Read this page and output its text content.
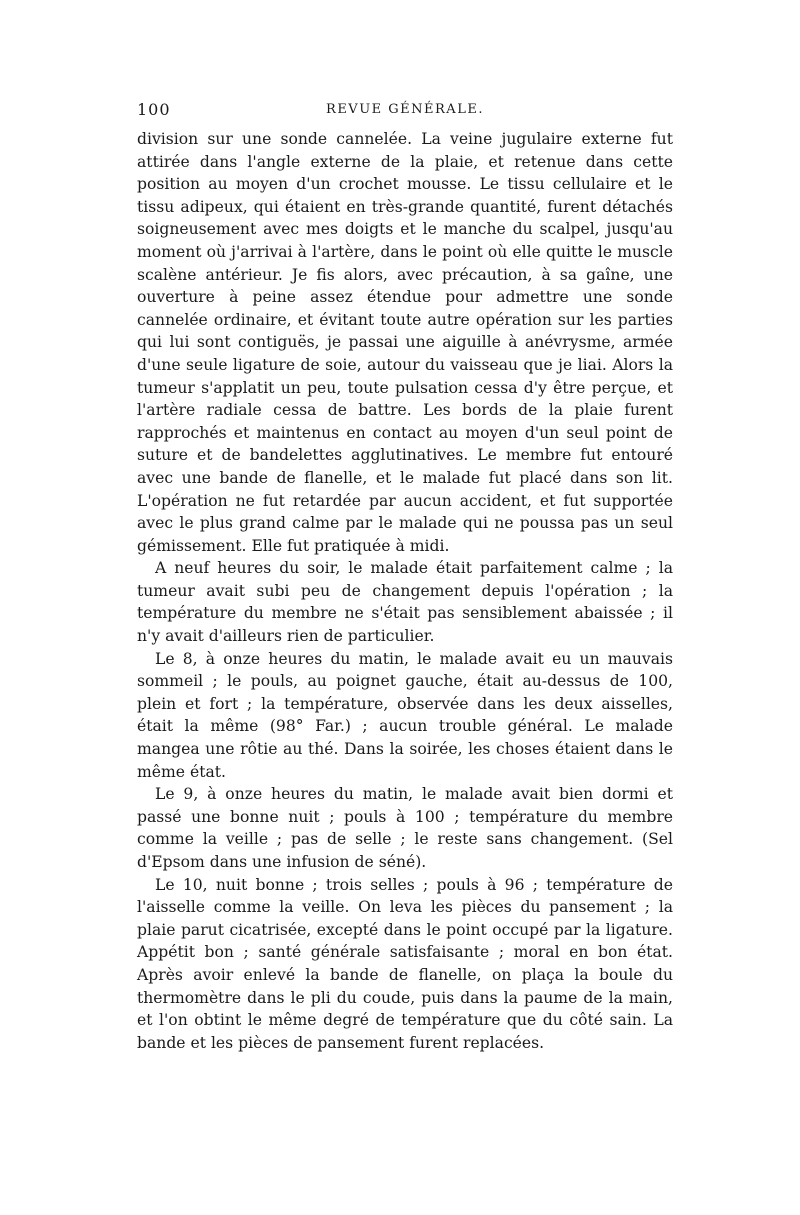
100	REVUE GÉNÉRALE.

division sur une sonde cannelée. La veine jugulaire externe fut attirée dans l'angle externe de la plaie, et retenue dans cette position au moyen d'un crochet mousse. Le tissu cellulaire et le tissu adipeux, qui étaient en très-grande quantité, furent détachés soigneusement avec mes doigts et le manche du scalpel, jusqu'au moment où j'arrivai à l'artère, dans le point où elle quitte le muscle scalène antérieur. Je fis alors, avec précaution, à sa gaîne, une ouverture à peine assez étendue pour admettre une sonde cannelée ordinaire, et évitant toute autre opération sur les parties qui lui sont contiguës, je passai une aiguille à anévrysme, armée d'une seule ligature de soie, autour du vaisseau que je liai. Alors la tumeur s'applatit un peu, toute pulsation cessa d'y être perçue, et l'artère radiale cessa de battre. Les bords de la plaie furent rapprochés et maintenus en contact au moyen d'un seul point de suture et de bandelettes agglutinatives. Le membre fut entouré avec une bande de flanelle, et le malade fut placé dans son lit. L'opération ne fut retardée par aucun accident, et fut supportée avec le plus grand calme par le malade qui ne poussa pas un seul gémissement. Elle fut pratiquée à midi.

A neuf heures du soir, le malade était parfaitement calme ; la tumeur avait subi peu de changement depuis l'opération ; la température du membre ne s'était pas sensiblement abaissée ; il n'y avait d'ailleurs rien de particulier.

Le 8, à onze heures du matin, le malade avait eu un mauvais sommeil ; le pouls, au poignet gauche, était au-dessus de 100, plein et fort ; la température, observée dans les deux aisselles, était la même (98° Far.) ; aucun trouble général. Le malade mangea une rôtie au thé. Dans la soirée, les choses étaient dans le même état.

Le 9, à onze heures du matin, le malade avait bien dormi et passé une bonne nuit ; pouls à 100 ; température du membre comme la veille ; pas de selle ; le reste sans changement. (Sel d'Epsom dans une infusion de séné).

Le 10, nuit bonne ; trois selles ; pouls à 96 ; température de l'aisselle comme la veille. On leva les pièces du pansement ; la plaie parut cicatrisée, excepté dans le point occupé par la ligature. Appétit bon ; santé générale satisfaisante ; moral en bon état. Après avoir enlevé la bande de flanelle, on plaça la boule du thermomètre dans le pli du coude, puis dans la paume de la main, et l'on obtint le même degré de température que du côté sain. La bande et les pièces de pansement furent replacées.
